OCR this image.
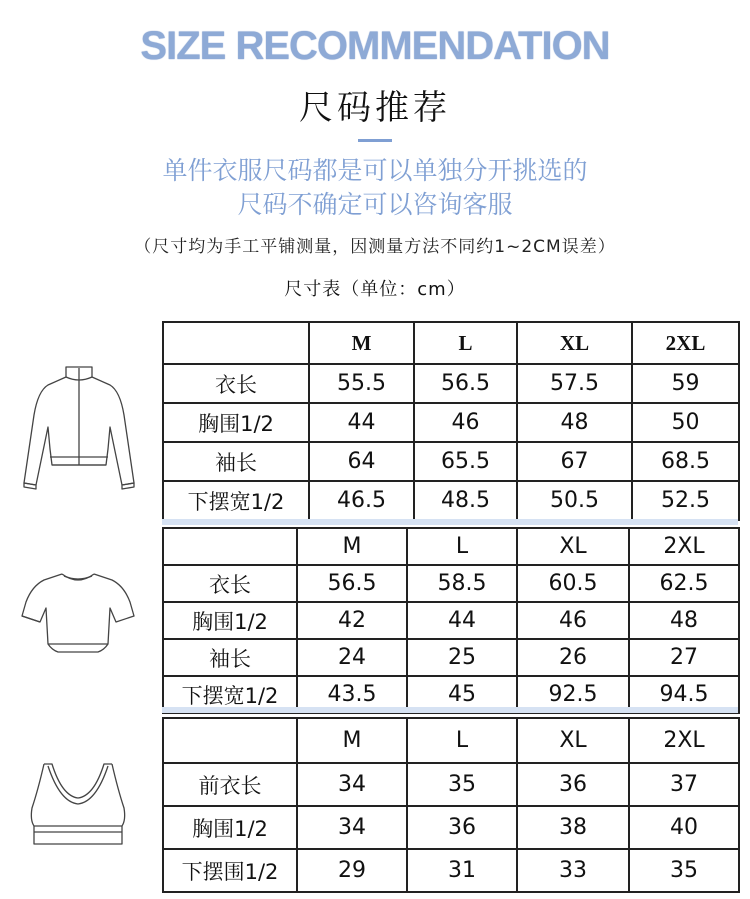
SIZE RECOMMENDATION
尺码推荐
单件衣服尺码都是可以单独分开挑选的
尺码不确定可以咨询客服
（尺寸均为手工平铺测量，因测量方法不同约1~2CM误差）
尺寸表（单位：cm）
	M	L	XL	2XL
衣长	55.5	56.5	57.5	59
胸围1/2	44	46	48	50
袖长	64	65.5	67	68.5
下摆宽1/2	46.5	48.5	50.5	52.5
	M	L	XL	2XL
衣长	56.5	58.5	60.5	62.5
胸围1/2	42	44	46	48
袖长	24	25	26	27
下摆宽1/2	43.5	45	92.5	94.5
	M	L	XL	2XL
前衣长	34	35	36	37
胸围1/2	34	36	38	40
下摆围1/2	29	31	33	35
